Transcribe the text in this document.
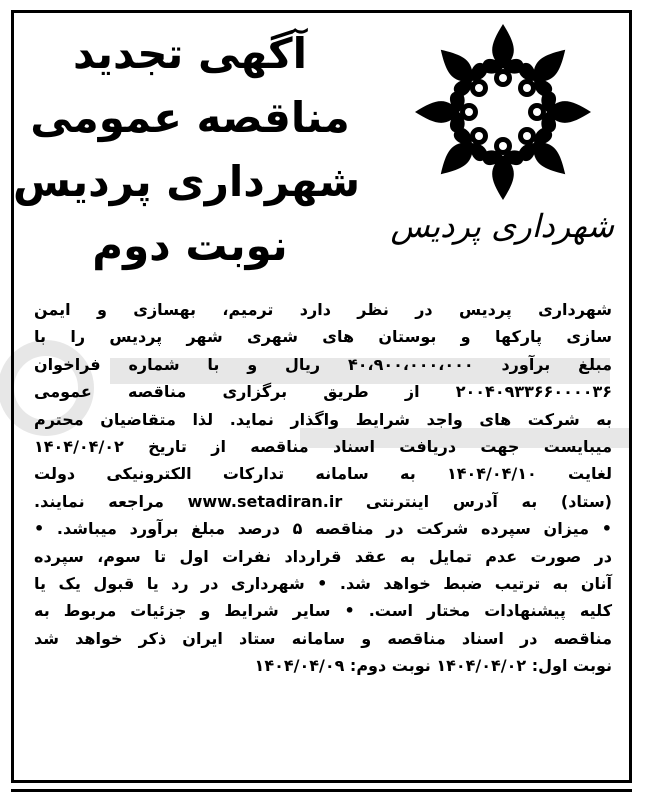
آگهی تجدید
مناقصه عمومی
شهرداری پردیس
نوبت دوم	شهرداری پردیس
شهرداری پردیس در نظر دارد ترمیم، بهسازی و ایمن
سازی پارکها و بوستان های شهری شهر پردیس را با
مبلغ برآورد ۴۰،۹۰۰،۰۰۰،۰۰۰ ریال و با شماره فراخوان
۲۰۰۴۰۹۳۳۶۶۰۰۰۰۳۶ از طریق برگزاری مناقصه عمومی
به شرکت های واجد شرایط واگذار نماید. لذا متقاضیان محترم
میبایست جهت دریافت اسناد مناقصه از تاریخ ۱۴۰۴/۰۴/۰۲
لغایت ۱۴۰۴/۰۴/۱۰ به سامانه تدارکات الکترونیکی دولت
(ستاد) به آدرس اینترنتی www.setadiran.ir مراجعه نمایند.
• میزان سپرده شرکت در مناقصه ۵ درصد مبلغ برآورد میباشد. •
در صورت عدم تمایل به عقد قرارداد نفرات اول تا سوم، سپرده
آنان به ترتیب ضبط خواهد شد. • شهرداری در رد یا قبول یک یا
کلیه پیشنهادات مختار است. • سایر شرایط و جزئیات مربوط به
مناقصه در اسناد مناقصه و سامانه ستاد ایران ذکر خواهد شد
نوبت اول: ۱۴۰۴/۰۴/۰۲ نوبت دوم: ۱۴۰۴/۰۴/۰۹
